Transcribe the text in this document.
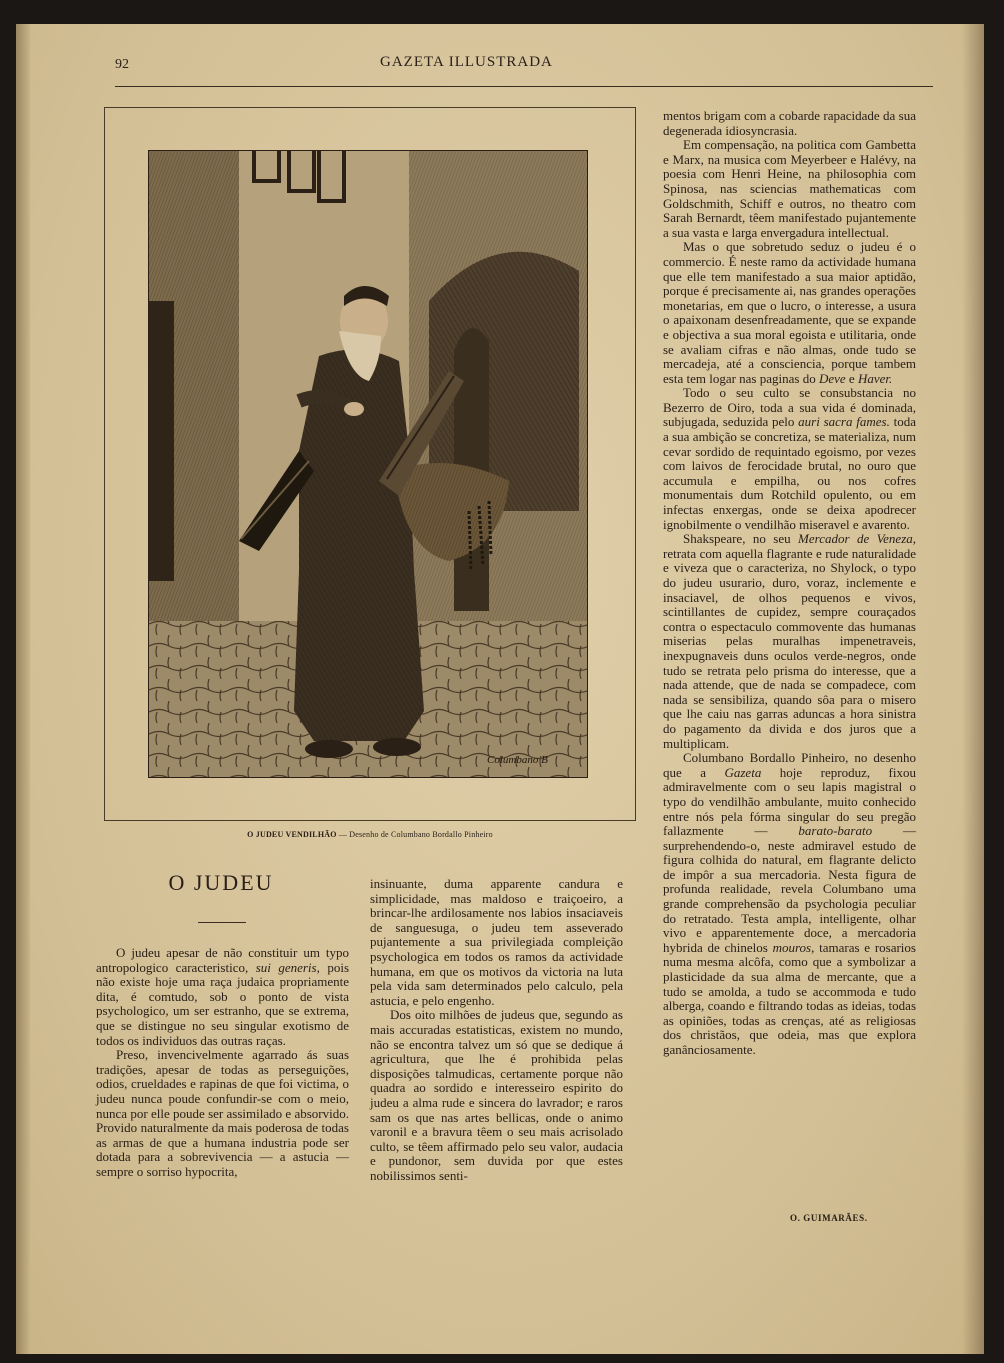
92	GAZETA ILLUSTRADA
Columbano B

O JUDEU VENDILHÃO — Desenho de Columbano Bordallo Pinheiro

O JUDEU

O judeu apesar de não constituir um typo antropologico caracteristico, sui generis, pois não existe hoje uma raça judaica propriamente dita, é comtudo, sob o ponto de vista psychologico, um ser estranho, que se extrema, que se distingue no seu singular exotismo de todos os individuos das outras raças.

Preso, invencivelmente agarrado ás suas tradições, apesar de todas as perseguições, odios, crueldades e rapinas de que foi victima, o judeu nunca poude confundir-se com o meio, nunca por elle poude ser assimilado e absorvido. Provido naturalmente da mais poderosa de todas as armas de que a humana industria pode ser dotada para a sobrevivencia — a astucia — sempre o sorriso hypocrita,

insinuante, duma apparente candura e simplicidade, mas maldoso e traiçoeiro, a brincar-lhe ardilosamente nos labios insaciaveis de sanguesuga, o judeu tem asseverado pujantemente a sua privilegiada compleição psychologica em todos os ramos da actividade humana, em que os motivos da victoria na luta pela vida sam determinados pelo calculo, pela astucia, e pelo engenho.

Dos oito milhões de judeus que, segundo as mais accuradas estatisticas, existem no mundo, não se encontra talvez um só que se dedique á agricultura, que lhe é prohibida pelas disposições talmudicas, certamente porque não quadra ao sordido e interesseiro espirito do judeu a alma rude e sincera do lavrador; e raros sam os que nas artes bellicas, onde o animo varonil e a bravura têem o seu mais acrisolado culto, se têem affirmado pelo seu valor, audacia e pundonor, sem duvida por que estes nobilissimos senti-

mentos brigam com a cobarde rapacidade da sua degenerada idiosyncrasia.

Em compensação, na politica com Gambetta e Marx, na musica com Meyerbeer e Halévy, na poesia com Henri Heine, na philosophia com Spinosa, nas sciencias mathematicas com Goldschmith, Schiff e outros, no theatro com Sarah Bernardt, têem manifestado pujantemente a sua vasta e larga envergadura intellectual.

Mas o que sobretudo seduz o judeu é o commercio. É neste ramo da actividade humana que elle tem manifestado a sua maior aptidão, porque é precisamente ai, nas grandes operações monetarias, em que o lucro, o interesse, a usura o apaixonam desenfreadamente, que se expande e objectiva a sua moral egoista e utilitaria, onde se avaliam cifras e não almas, onde tudo se mercadeja, até a consciencia, porque tambem esta tem logar nas paginas do Deve e Haver.

Todo o seu culto se consubstancia no Bezerro de Oiro, toda a sua vida é dominada, subjugada, seduzida pelo auri sacra fames. toda a sua ambição se concretiza, se materializa, num cevar sordido de requintado egoismo, por vezes com laivos de ferocidade brutal, no ouro que accumula e empilha, ou nos cofres monumentais dum Rotchild opulento, ou em infectas enxergas, onde se deixa apodrecer ignobilmente o vendilhão miseravel e avarento.

Shakspeare, no seu Mercador de Veneza, retrata com aquella flagrante e rude naturalidade e viveza que o caracteriza, no Shylock, o typo do judeu usurario, duro, voraz, inclemente e insaciavel, de olhos pequenos e vivos, scintillantes de cupidez, sempre couraçados contra o espectaculo commovente das humanas miserias pelas muralhas impenetraveis, inexpugnaveis duns oculos verde-negros, onde tudo se retrata pelo prisma do interesse, que a nada attende, que de nada se compadece, com nada se sensibiliza, quando sôa para o misero que lhe caiu nas garras aduncas a hora sinistra do pagamento da divida e dos juros que a multiplicam.

Columbano Bordallo Pinheiro, no desenho que a Gazeta hoje reproduz, fixou admiravelmente com o seu lapis magistral o typo do vendilhão ambulante, muito conhecido entre nós pela fórma singular do seu pregão fallazmente — barato-barato — surprehendendo-o, neste admiravel estudo de figura colhida do natural, em flagrante delicto de impôr a sua mercadoria. Nesta figura de profunda realidade, revela Columbano uma grande comprehensão da psychologia peculiar do retratado. Testa ampla, intelligente, olhar vivo e apparentemente doce, a mercadoria hybrida de chinelos mouros, tamaras e rosarios numa mesma alcôfa, como que a symbolizar a plasticidade da sua alma de mercante, que a tudo se amolda, a tudo se accommoda e tudo alberga, coando e filtrando todas as ideias, todas as opiniões, todas as crenças, até as religiosas dos christãos, que odeia, mas que explora ganânciosamente.

O. GUIMARÃES.
